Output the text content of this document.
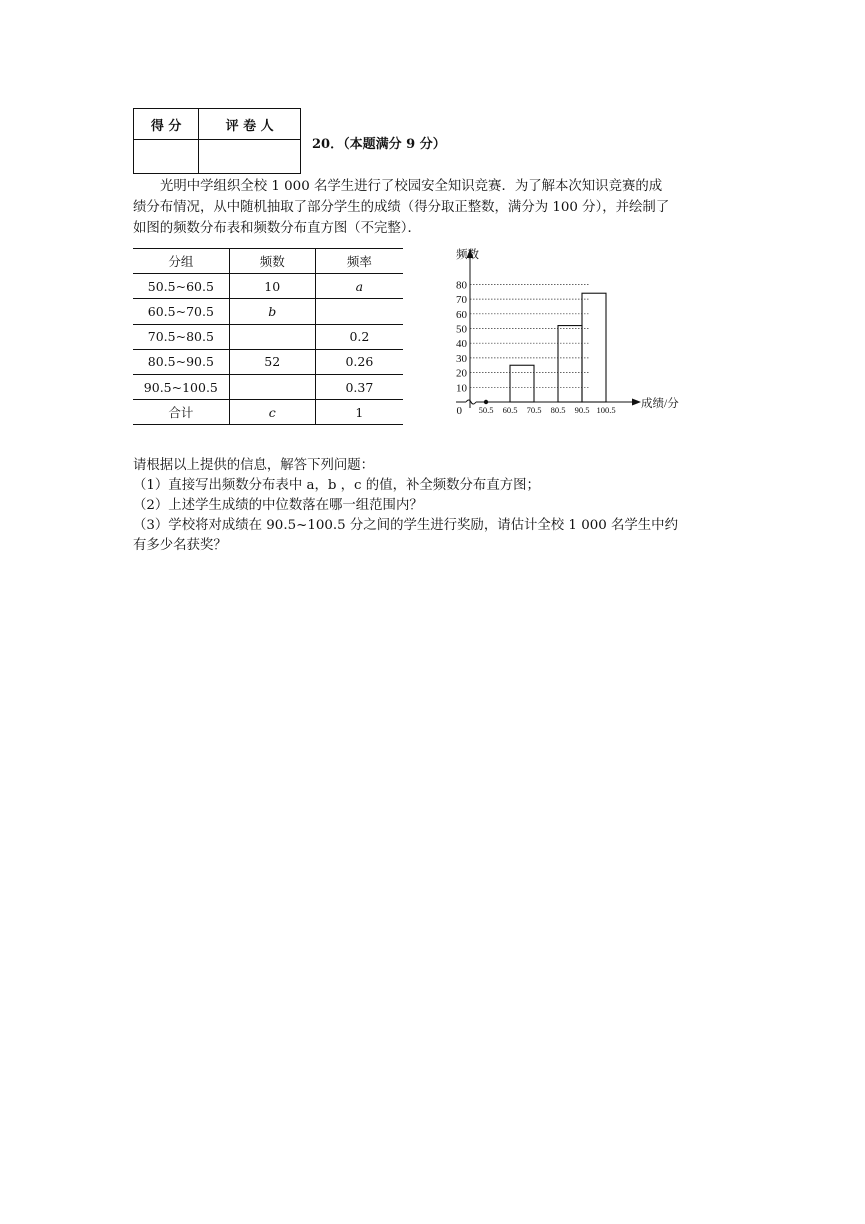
得 分	评 卷 人

20．（本题满分 9 分）

光明中学组织全校 1 000 名学生进行了校园安全知识竞赛．为了解本次知识竞赛的成

绩分布情况，从中随机抽取了部分学生的成绩（得分取正整数，满分为 100 分），并绘制了

如图的频数分布表和频数分布直方图（不完整）．

分组	频数	频率
50.5~60.5	10	a
60.5~70.5	b	
70.5~80.5		0.2
80.5~90.5	52	0.26
90.5~100.5		0.37
合计	c	1
10
20
30
40
50
60
70
80
50.5 60.5 70.5 80.5 90.5 100.5
0
频数
成绩/分

请根据以上提供的信息，解答下列问题：

（1）直接写出频数分布表中 a，b ，c 的值，补全频数分布直方图；

（2）上述学生成绩的中位数落在哪一组范围内？

（3）学校将对成绩在 90.5~100.5 分之间的学生进行奖励，请估计全校 1 000 名学生中约

有多少名获奖？
